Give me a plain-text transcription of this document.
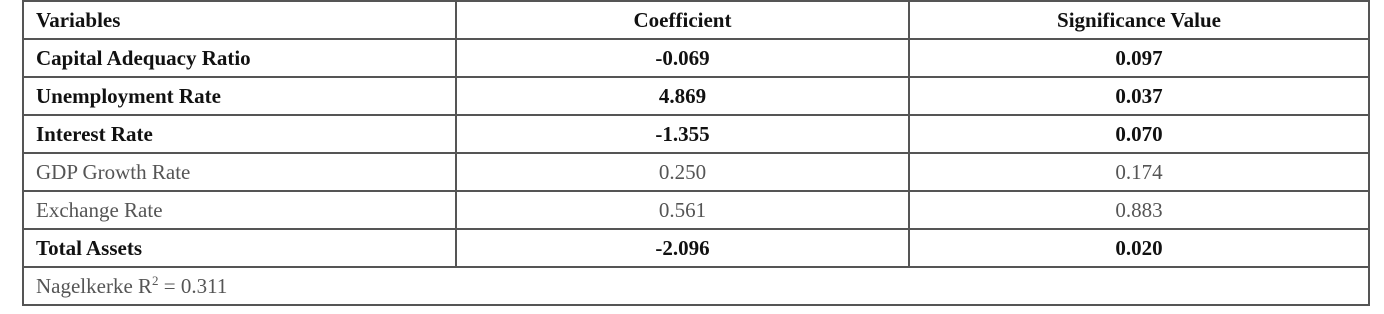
Variables	Coefficient	Significance Value
Capital Adequacy Ratio	-0.069	0.097
Unemployment Rate	4.869	0.037
Interest Rate	-1.355	0.070
GDP Growth Rate	0.250	0.174
Exchange Rate	0.561	0.883
Total Assets	-2.096	0.020
Nagelkerke $R^2 = 0.311$		
